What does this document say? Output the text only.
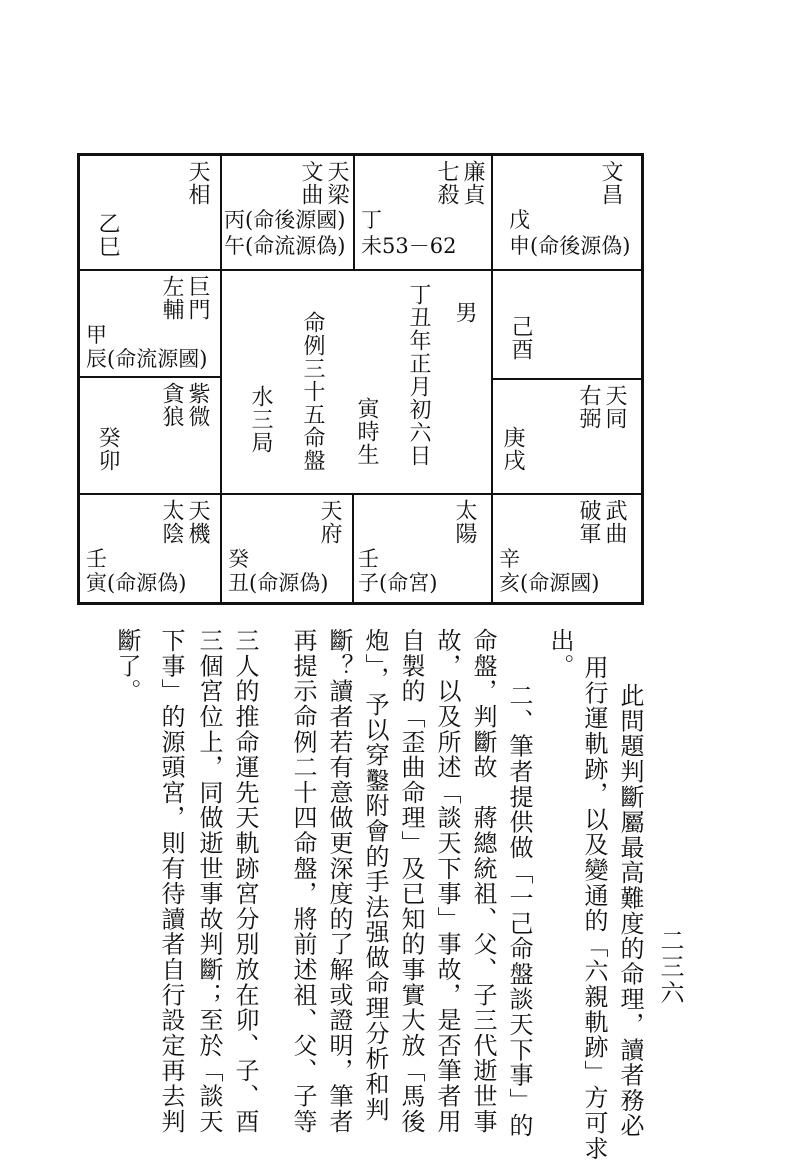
天相
乙巳
天梁
文曲
丙(命後源國)
午(命流源偽)
廉貞
七殺
丁
未53－62
文昌
戊
申(命後源偽)
巨門
左輔
甲
辰(命流源國)
紫微
貪狼
癸卯
己酉
天同
右弼
庚戌
天機
太陰
壬
寅(命源偽)
天府
癸
丑(命源偽)
太陽
壬
子(命宮)
武曲
破軍
辛
亥(命源國)
男
丁丑年正月初六日
寅時生
命例三十五命盤
水三局
此問題判斷屬最高難度的命理，讀者務必
用行運軌跡，以及變通的「六親軌跡」方可求
出。
二、筆者提供做「一己命盤談天下事」的
命盤，判斷故　蔣總統祖、父、子三代逝世事
故，以及所述「談天下事」事故，是否筆者用
自製的「歪曲命理」及已知的事實大放「馬後
炮」，予以穿鑿附會的手法强做命理分析和判
斷？讀者若有意做更深度的了解或證明，筆者
再提示命例二十四命盤，將前述祖、父、子等
三人的推命運先天軌跡宮分別放在卯、子、酉
三個宮位上，同做逝世事故判斷；至於「談天
下事」的源頭宮，則有待讀者自行設定再去判
斷了。
二三六
